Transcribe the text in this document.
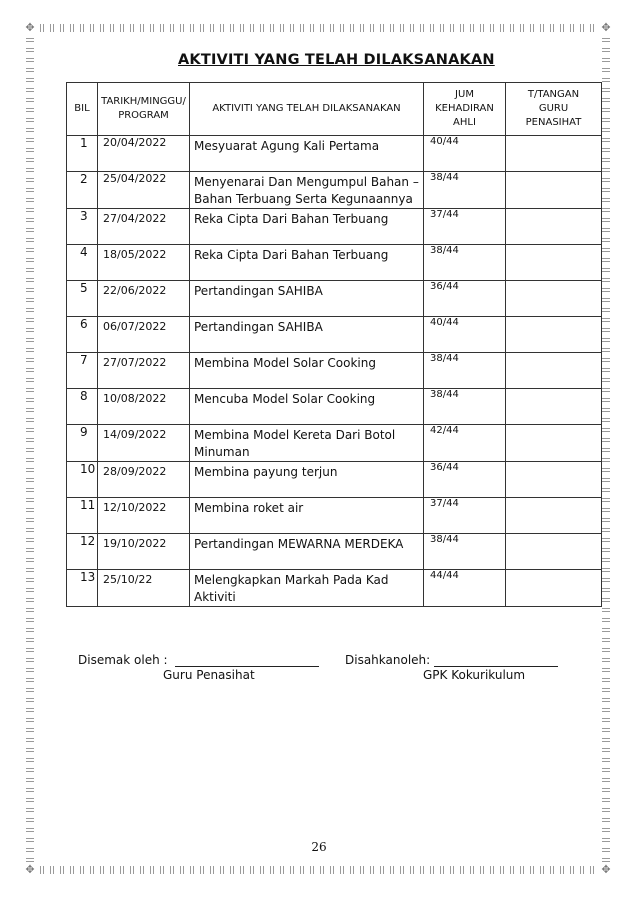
✥	✥
✥	✥
AKTIVITI YANG TELAH DILAKSANAKAN
BIL	TARIKH/MINGGU/ PROGRAM	AKTIVITI YANG TELAH DILAKSANAKAN	JUM KEHADIRAN AHLI	T/TANGAN GURU PENASIHAT

1	20/04/2022	Mesyuarat Agung Kali Pertama	40/44	

2	25/04/2022	Menyenarai Dan Mengumpul Bahan – Bahan Terbuang Serta Kegunaannya	38/44	

3	27/04/2022	Reka Cipta Dari Bahan Terbuang	37/44	

4	18/05/2022	Reka Cipta Dari Bahan Terbuang	38/44	

5	22/06/2022	Pertandingan SAHIBA	36/44	

6	06/07/2022	Pertandingan SAHIBA	40/44	

7	27/07/2022	Membina Model Solar Cooking	38/44	

8	10/08/2022	Mencuba Model Solar Cooking	38/44	

9	14/09/2022	Membina Model Kereta Dari Botol Minuman	42/44	

10	28/09/2022	Membina payung terjun	36/44	

11	12/10/2022	Membina roket air	37/44	

12	19/10/2022	Pertandingan MEWARNA MERDEKA	38/44	

13	25/10/22	Melengkapkan Markah Pada Kad Aktiviti	44/44	

Disemak oleh :
Guru Penasihat
Disahkanoleh:
GPK Kokurikulum
26
